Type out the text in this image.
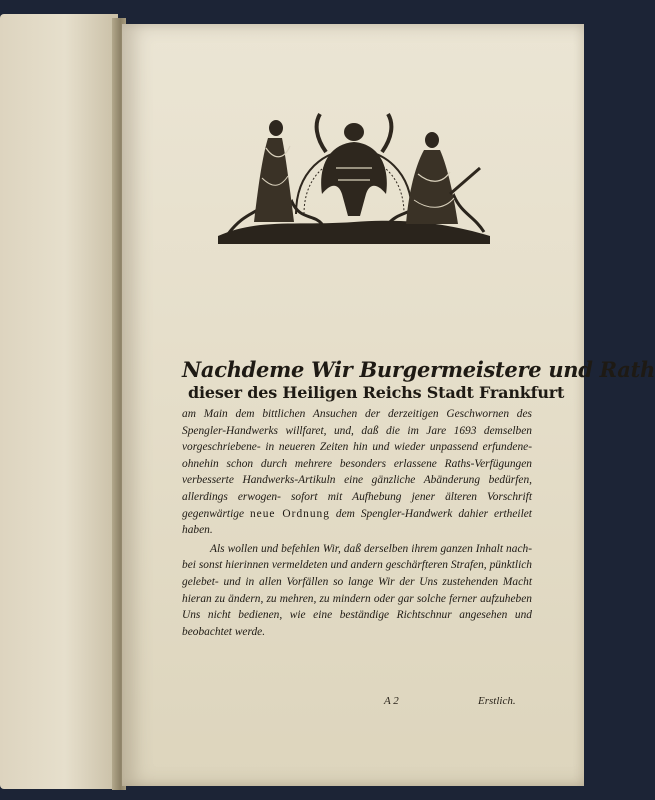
Nachdeme Wir Burgermeistere und Rath

dieser des Heiligen Reichs Stadt Frankfurt

am Main dem bittlichen Ansuchen der derzeitigen Geschwornen des Spengler-Handwerks willfaret, und, daß die im Jare 1693 demselben vorgeschriebene- in neueren Zeiten hin und wieder unpassend erfundene- ohnehin schon durch mehrere besonders erlassene Raths-Verfügungen verbesserte Handwerks-Artikuln eine gänzliche Abänderung bedürfen, allerdings erwogen- sofort mit Aufhebung jener älteren Vorschrift gegenwärtige neue Ordnung dem Spengler-Handwerk dahier ertheilet haben.

Als wollen und befehlen Wir, daß derselben ihrem ganzen Inhalt nach- bei sonst hierinnen vermeldeten und andern geschärfteren Strafen, pünktlich gelebet- und in allen Vorfällen so lange Wir der Uns zustehenden Macht hieran zu ändern, zu mehren, zu mindern oder gar solche ferner aufzuheben Uns nicht bedienen, wie eine beständige Richtschnur angesehen und beobachtet werde.

A 2	Erstlich.
